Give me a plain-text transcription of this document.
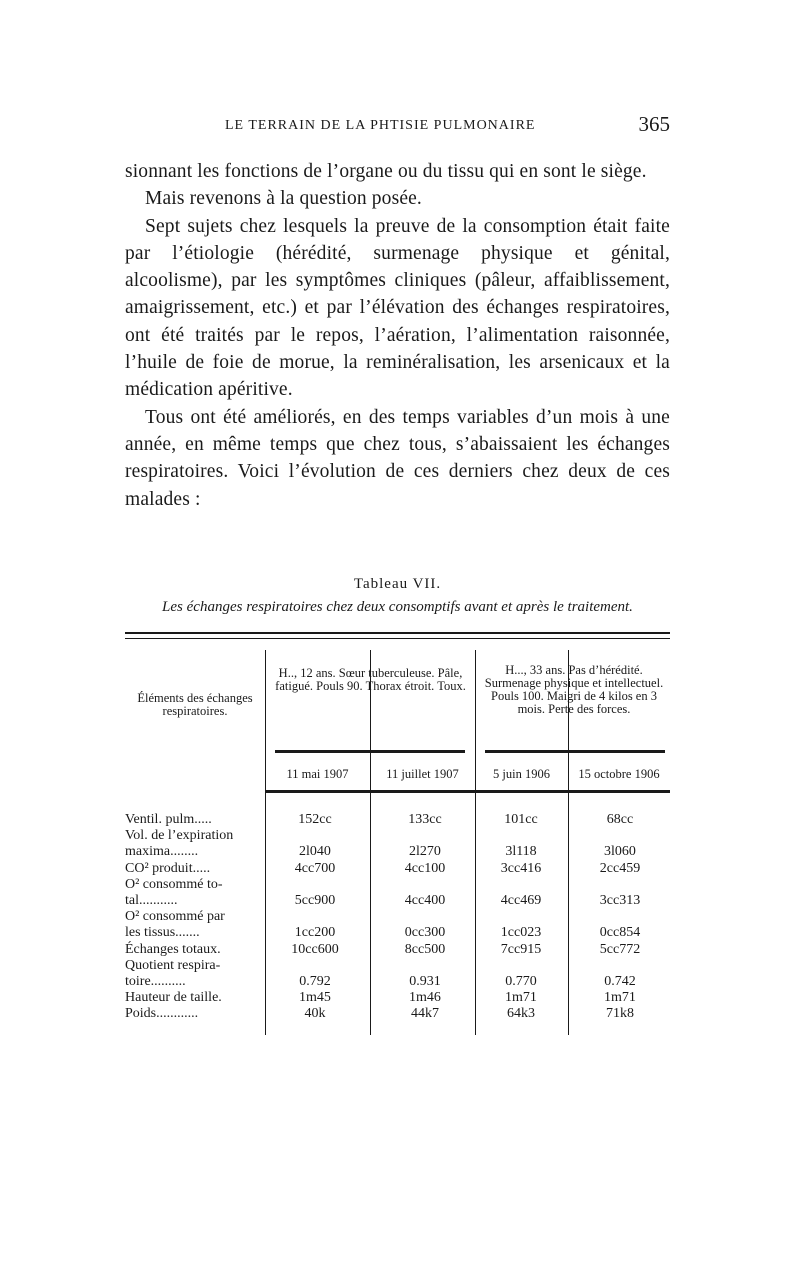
LE TERRAIN DE LA PHTISIE PULMONAIRE	365

sionnant les fonctions de l’organe ou du tissu qui en sont le siège.

Mais revenons à la question posée.

Sept sujets chez lesquels la preuve de la consomption était faite par l’étiologie (hérédité, surmenage physique et génital, alcoolisme), par les symptômes cliniques (pâleur, affaiblissement, amaigrissement, etc.) et par l’élévation des échanges respiratoires, ont été traités par le repos, l’aération, l’alimentation raisonnée, l’huile de foie de morue, la reminéralisation, les arsenicaux et la médication apéritive.

Tous ont été améliorés, en des temps variables d’un mois à une année, en même temps que chez tous, s’abaissaient les échanges respiratoires. Voici l’évolution de ces derniers chez deux de ces malades :

Tableau VII.
Les échanges respiratoires chez deux consomptifs avant et après le traitement.
Éléments des échanges respiratoires.
H.., 12 ans. Sœur tuberculeuse. Pâle, fatigué. Pouls 90. Thorax étroit. Toux.
H..., 33 ans. Pas d’hérédité. Surmenage physique et intellectuel. Pouls 100. Maigri de 4 kilos en 3 mois. Perte des forces.
11 mai 1907	11 juillet 1907	5 juin 1906	15 octobre 1906
Ventil. pulm.....	152cc	133cc	101cc	68cc
Vol. de l’expiration
maxima........	2l040	2l270	3l118	3l060
CO² produit.....	4cc700	4cc100	3cc416	2cc459
O² consommé to-
tal...........	5cc900	4cc400	4cc469	3cc313
O² consommé par
les tissus.......	1cc200	0cc300	1cc023	0cc854
Échanges totaux.	10cc600	8cc500	7cc915	5cc772
Quotient respira-
toire..........	0.792	0.931	0.770	0.742
Hauteur de taille.	1m45	1m46	1m71	1m71
Poids............	40k	44k7	64k3	71k8
